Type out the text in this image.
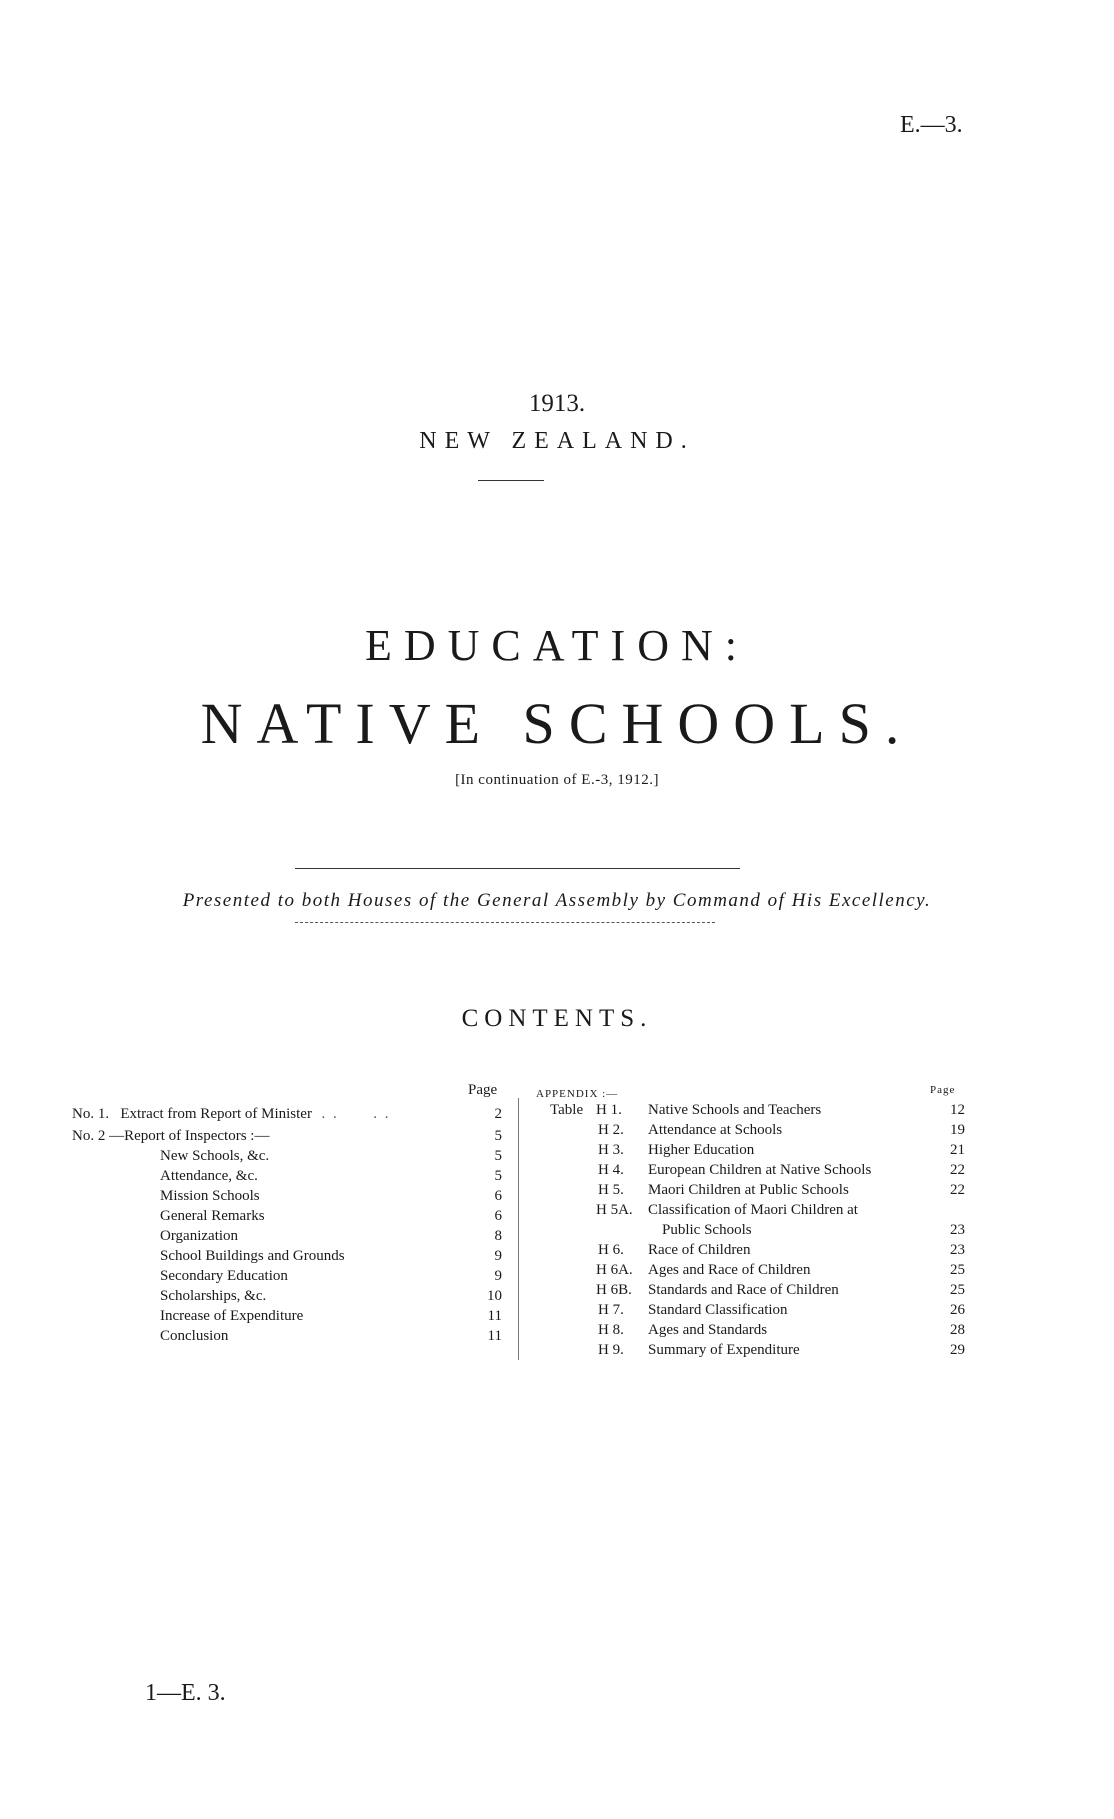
E.—3.
1913.
NEW ZEALAND.
EDUCATION:
NATIVE SCHOOLS.
[In continuation of E.-3, 1912.]
Presented to both Houses of the General Assembly by Command of His Excellency.
CONTENTS.
Page
No. 1. Extract from Report of Minister  . .      . .	2
No. 2 —Report of Inspectors :—	5
New Schools, &c.	5
Attendance, &c.	5
Mission Schools	6
General Remarks	6
Organization	8
School Buildings and Grounds	9
Secondary Education	9
Scholarships, &c.	10
Increase of Expenditure	11
Conclusion	11
APPENDIX :—	Page
Table H 1. Native Schools and Teachers	12
H 2. Attendance at Schools	19
H 3. Higher Education	21
H 4. European Children at Native Schools	22
H 5. Maori Children at Public Schools	22
H 5A. Classification of Maori Children at
Public Schools	23
H 6. Race of Children	23
H 6A. Ages and Race of Children	25
H 6B. Standards and Race of Children	25
H 7. Standard Classification	26
H 8. Ages and Standards	28
H 9. Summary of Expenditure	29
1—E. 3.
